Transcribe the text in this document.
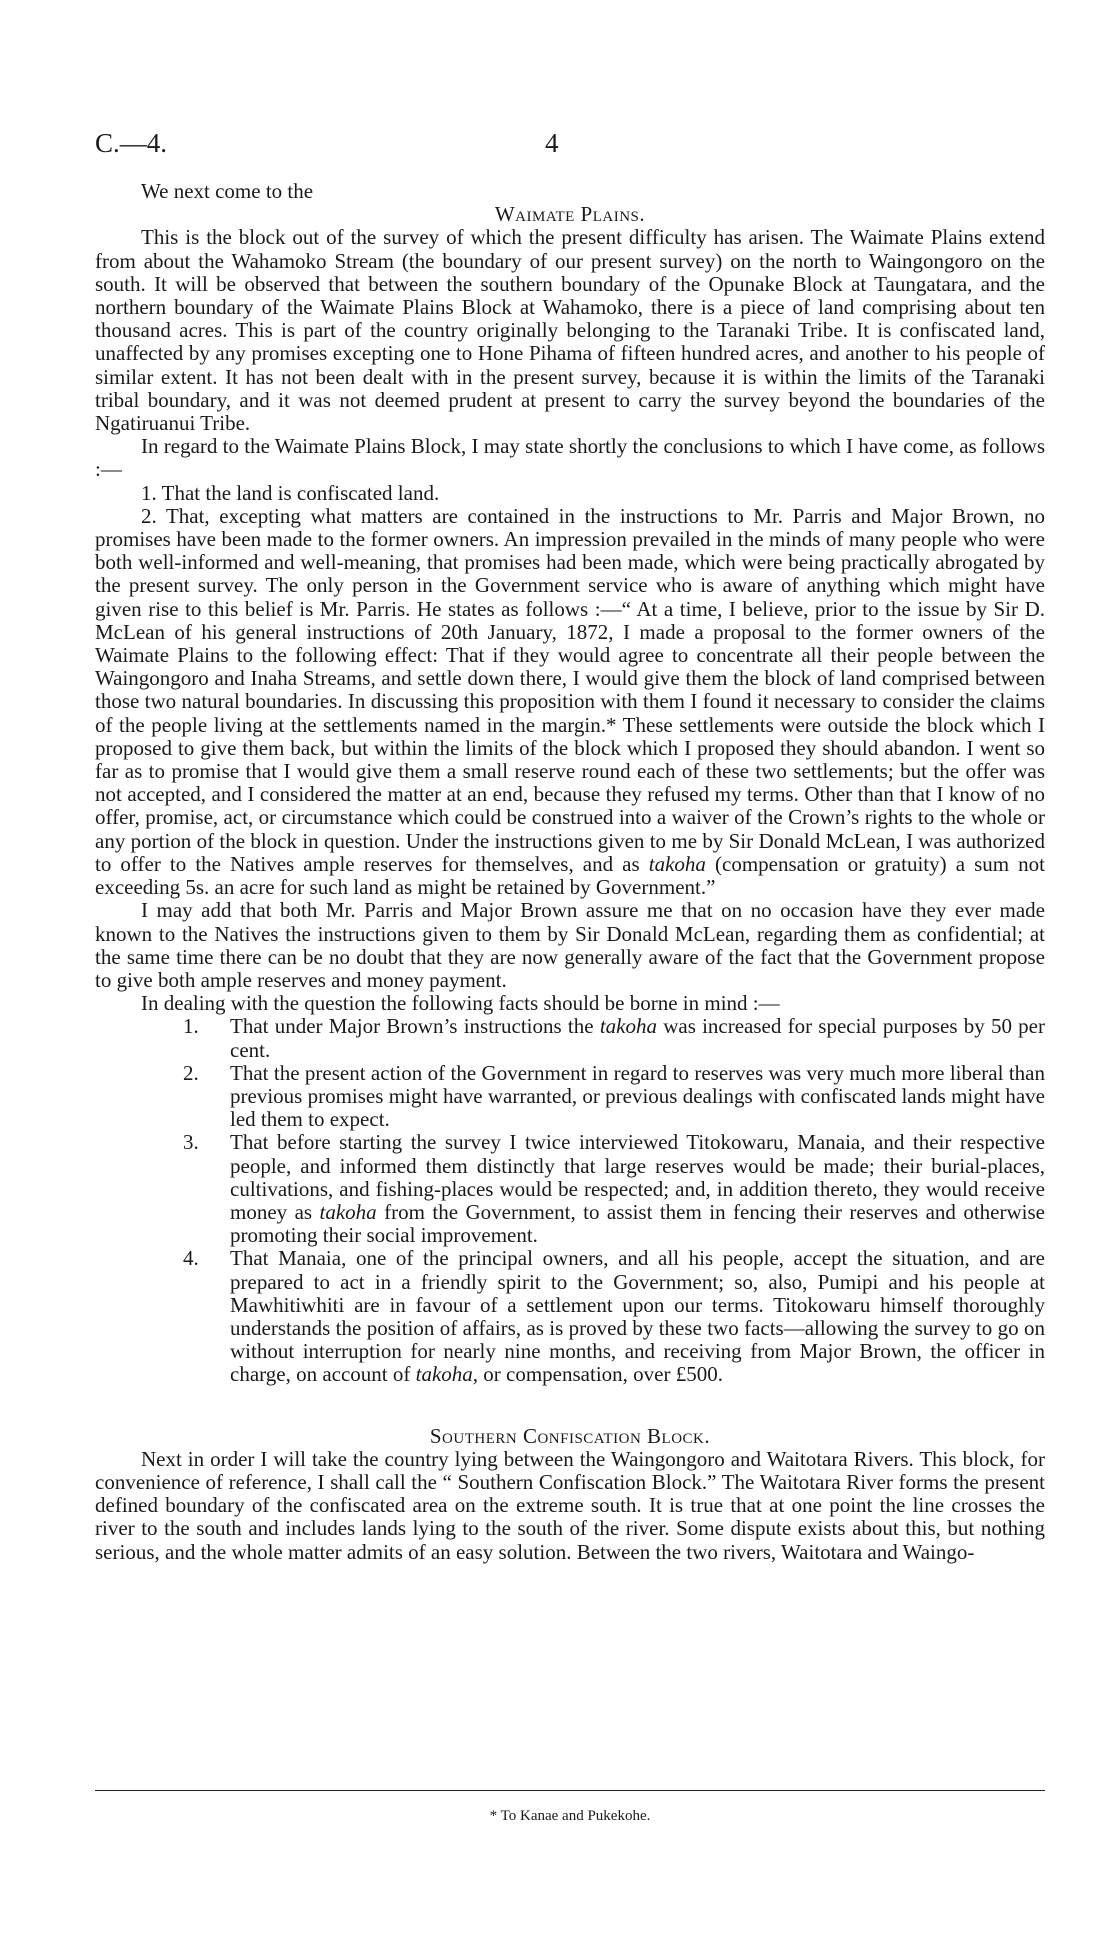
C.—4.	4

We next come to the

Waimate Plains.

This is the block out of the survey of which the present difficulty has arisen. The Waimate Plains extend from about the Wahamoko Stream (the boundary of our present survey) on the north to Waingongoro on the south. It will be observed that between the southern boundary of the Opunake Block at Taungatara, and the northern boundary of the Waimate Plains Block at Wahamoko, there is a piece of land comprising about ten thousand acres. This is part of the country originally belonging to the Taranaki Tribe. It is confiscated land, unaffected by any promises excepting one to Hone Pihama of fifteen hundred acres, and another to his people of similar extent. It has not been dealt with in the present survey, because it is within the limits of the Taranaki tribal boundary, and it was not deemed prudent at present to carry the survey beyond the boundaries of the Ngatiruanui Tribe.

In regard to the Waimate Plains Block, I may state shortly the conclusions to which I have come, as follows :—

1. That the land is confiscated land.

2. That, excepting what matters are contained in the instructions to Mr. Parris and Major Brown, no promises have been made to the former owners. An impression prevailed in the minds of many people who were both well-informed and well-meaning, that promises had been made, which were being practically abrogated by the present survey. The only person in the Government service who is aware of anything which might have given rise to this belief is Mr. Parris. He states as follows :—“ At a time, I believe, prior to the issue by Sir D. McLean of his general instructions of 20th January, 1872, I made a proposal to the former owners of the Waimate Plains to the following effect: That if they would agree to concentrate all their people between the Waingongoro and Inaha Streams, and settle down there, I would give them the block of land comprised between those two natural boundaries. In discussing this proposition with them I found it necessary to consider the claims of the people living at the settlements named in the margin.* These settlements were outside the block which I proposed to give them back, but within the limits of the block which I proposed they should abandon. I went so far as to promise that I would give them a small reserve round each of these two settlements; but the offer was not accepted, and I considered the matter at an end, because they refused my terms. Other than that I know of no offer, promise, act, or circumstance which could be construed into a waiver of the Crown’s rights to the whole or any portion of the block in question. Under the instructions given to me by Sir Donald McLean, I was authorized to offer to the Natives ample reserves for themselves, and as takoha (compensation or gratuity) a sum not exceeding 5s. an acre for such land as might be retained by Government.”

I may add that both Mr. Parris and Major Brown assure me that on no occasion have they ever made known to the Natives the instructions given to them by Sir Donald McLean, regarding them as confidential; at the same time there can be no doubt that they are now generally aware of the fact that the Government propose to give both ample reserves and money payment.

In dealing with the question the following facts should be borne in mind :—

1. That under Major Brown’s instructions the takoha was increased for special purposes by 50 per cent.
2. That the present action of the Government in regard to reserves was very much more liberal than previous promises might have warranted, or previous dealings with confiscated lands might have led them to expect.
3. That before starting the survey I twice interviewed Titokowaru, Manaia, and their respective people, and informed them distinctly that large reserves would be made; their burial-places, cultivations, and fishing-places would be respected; and, in addition thereto, they would receive money as takoha from the Government, to assist them in fencing their reserves and otherwise promoting their social improvement.
4. That Manaia, one of the principal owners, and all his people, accept the situation, and are prepared to act in a friendly spirit to the Government; so, also, Pumipi and his people at Mawhitiwhiti are in favour of a settlement upon our terms. Titokowaru himself thoroughly understands the position of affairs, as is proved by these two facts—allowing the survey to go on without interruption for nearly nine months, and receiving from Major Brown, the officer in charge, on account of takoha, or compensation, over £500.

Southern Confiscation Block.

Next in order I will take the country lying between the Waingongoro and Waitotara Rivers. This block, for convenience of reference, I shall call the “ Southern Confiscation Block.” The Waitotara River forms the present defined boundary of the confiscated area on the extreme south. It is true that at one point the line crosses the river to the south and includes lands lying to the south of the river. Some dispute exists about this, but nothing serious, and the whole matter admits of an easy solution. Between the two rivers, Waitotara and Waingo-

* To Kanae and Pukekohe.
